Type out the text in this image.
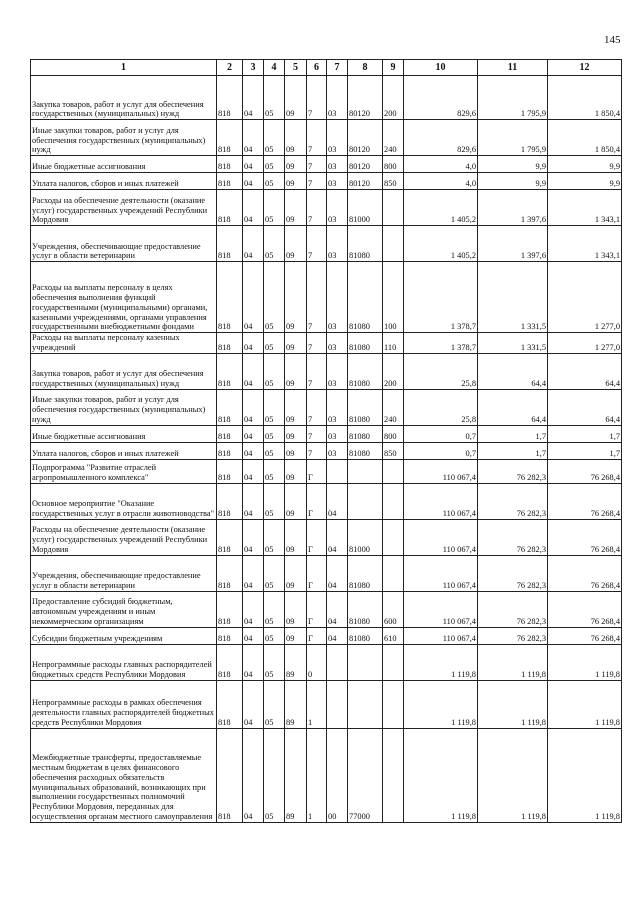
145
1	2	3	4	5	6	7	8	9	10	11	12
Закупка товаров, работ и услуг для обеспечения государственных (муниципальных) нужд	818	04	05	09	7	03	80120	200	829,6	1 795,9	1 850,4
Иные закупки товаров, работ и услуг для обеспечения государственных (муниципальных) нужд	818	04	05	09	7	03	80120	240	829,6	1 795,9	1 850,4
Иные бюджетные ассигнования	818	04	05	09	7	03	80120	800	4,0	9,9	9,9
Уплата налогов, сборов и иных платежей	818	04	05	09	7	03	80120	850	4,0	9,9	9,9
Расходы на обеспечение деятельности (оказание услуг) государственных учреждений Республики Мордовия	818	04	05	09	7	03	81000		1 405,2	1 397,6	1 343,1
Учреждения, обеспечивающие предоставление услуг в области ветеринарии	818	04	05	09	7	03	81080		1 405,2	1 397,6	1 343,1
Расходы на выплаты персоналу в целях обеспечения выполнения функций государственными (муниципальными) органами, казенными учреждениями, органами управления государственными внебюджетными фондами	818	04	05	09	7	03	81080	100	1 378,7	1 331,5	1 277,0
Расходы на выплаты персоналу казенных учреждений	818	04	05	09	7	03	81080	110	1 378,7	1 331,5	1 277,0
Закупка товаров, работ и услуг для обеспечения государственных (муниципальных) нужд	818	04	05	09	7	03	81080	200	25,8	64,4	64,4
Иные закупки товаров, работ и услуг для обеспечения государственных (муниципальных) нужд	818	04	05	09	7	03	81080	240	25,8	64,4	64,4
Иные бюджетные ассигнования	818	04	05	09	7	03	81080	800	0,7	1,7	1,7
Уплата налогов, сборов и иных платежей	818	04	05	09	7	03	81080	850	0,7	1,7	1,7
Подпрограмма "Развитие отраслей агропромышленного комплекса"	818	04	05	09	Г				110 067,4	76 282,3	76 268,4
Основное мероприятие "Оказание государственных услуг в отрасли животноводства"	818	04	05	09	Г	04			110 067,4	76 282,3	76 268,4
Расходы на обеспечение деятельности (оказание услуг) государственных учреждений Республики Мордовия	818	04	05	09	Г	04	81000		110 067,4	76 282,3	76 268,4
Учреждения, обеспечивающие предоставление услуг в области ветеринарии	818	04	05	09	Г	04	81080		110 067,4	76 282,3	76 268,4
Предоставление субсидий бюджетным, автономным учреждениям и иным некоммерческим организациям	818	04	05	09	Г	04	81080	600	110 067,4	76 282,3	76 268,4
Субсидии бюджетным учреждениям	818	04	05	09	Г	04	81080	610	110 067,4	76 282,3	76 268,4
Непрограммные расходы главных распорядителей бюджетных средств Республики Мордовия	818	04	05	89	0				1 119,8	1 119,8	1 119,8
Непрограммные расходы в рамках обеспечения деятельности главных распорядителей бюджетных средств Республики Мордовия	818	04	05	89	1				1 119,8	1 119,8	1 119,8
Межбюджетные трансферты, предоставляемые местным бюджетам в целях финансового обеспечения расходных обязательств муниципальных образований, возникающих при выполнении государственных полномочий Республики Мордовия, переданных для осуществления органам местного самоуправления	818	04	05	89	1	00	77000		1 119,8	1 119,8	1 119,8
